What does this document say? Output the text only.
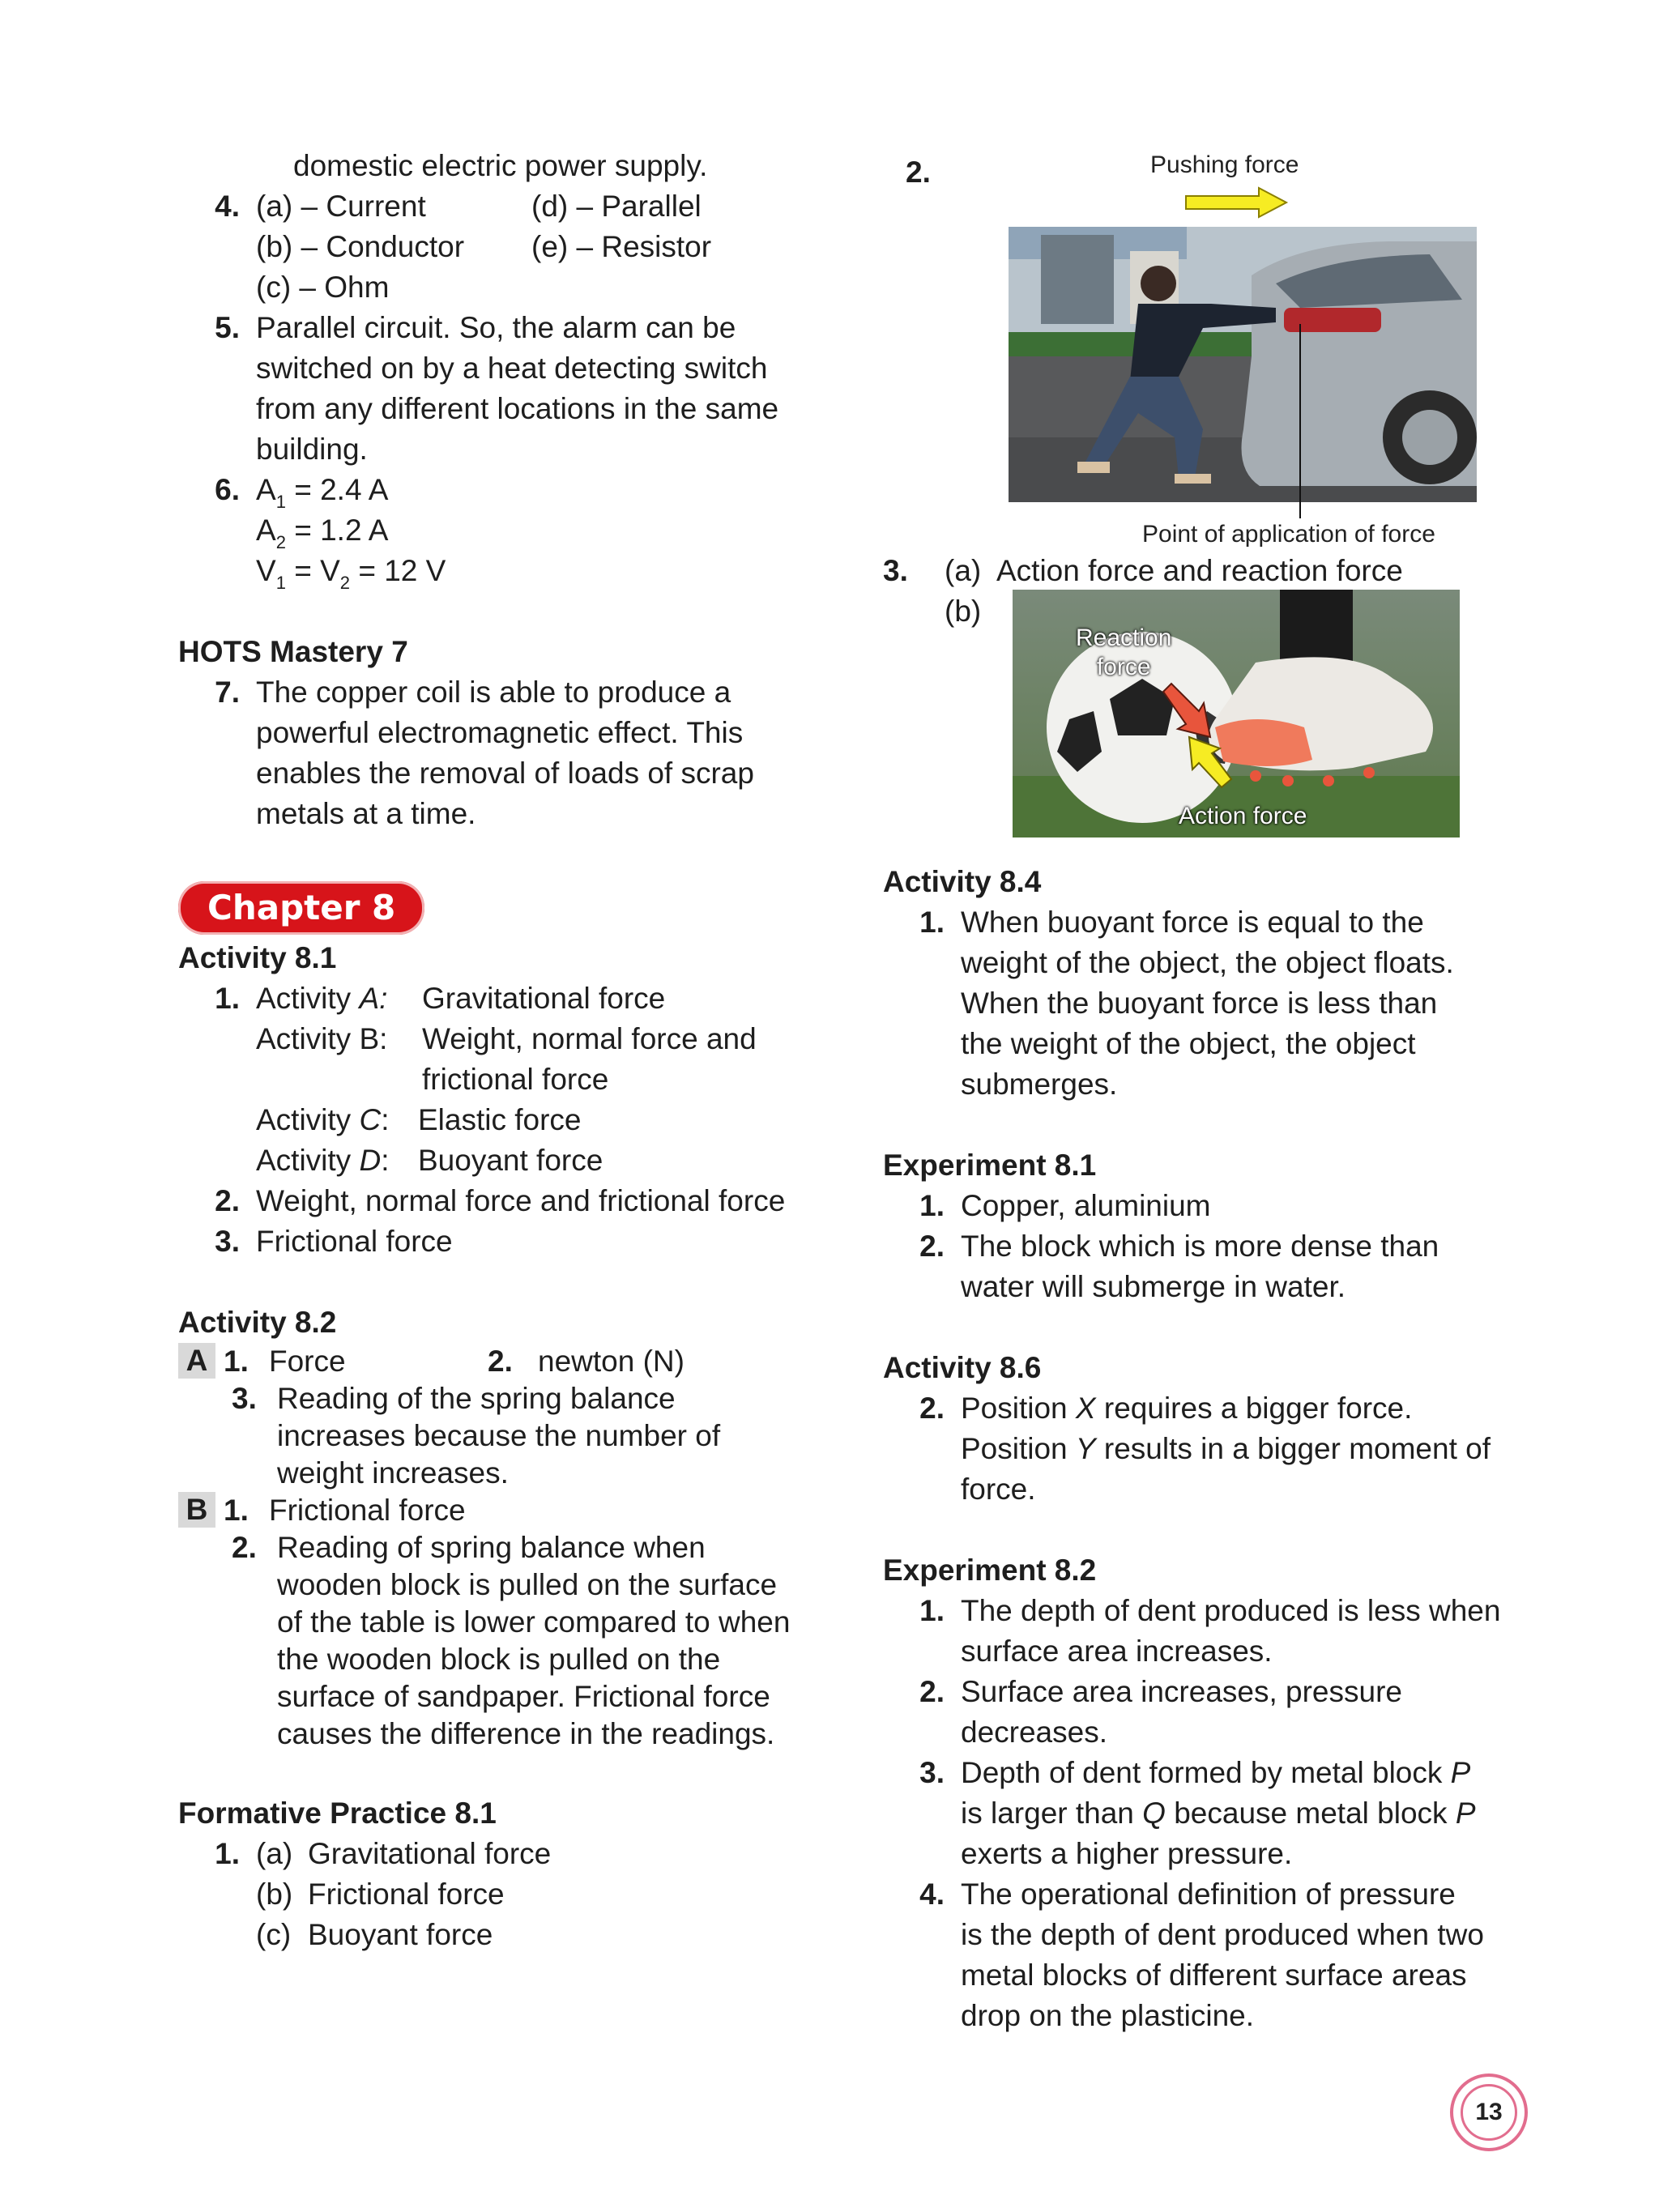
domestic electric power supply.
4. (a) – Current	(d) – Parallel
(b) – Conductor	(e) – Resistor
(c) – Ohm
5. Parallel circuit. So, the alarm can be
switched on by a heat detecting switch
from any different locations in the same
building.
6. $A_1 = 2.4$ A
$A_2 = 1.2$ A
$V_1 = V_2 = 12$ V
HOTS Mastery 7
7. The copper coil is able to produce a
powerful electromagnetic effect. This
enables the removal of loads of scrap
metals at a time.
Chapter 8
Activity 8.1
1. Activity A:	Gravitational force
Activity B:	Weight, normal force and
frictional force
Activity C: Elastic force
Activity D: Buoyant force
2. Weight, normal force and frictional force
3. Frictional force
Activity 8.2
A 1. Force	2. newton (N)
3. Reading of the spring balance
increases because the number of
weight increases.
B 1. Frictional force
2. Reading of spring balance when
wooden block is pulled on the surface
of the table is lower compared to when
the wooden block is pulled on the
surface of sandpaper. Frictional force
causes the difference in the readings.
Formative Practice 8.1
1. (a) Gravitational force
(b) Frictional force
(c) Buoyant force
2.	Pushing force
Point of application of force
3.	(a) Action force and reaction force
(b)
Reaction
force
Action force
Activity 8.4
1. When buoyant force is equal to the
weight of the object, the object floats.
When the buoyant force is less than
the weight of the object, the object
submerges.
Experiment 8.1
1. Copper, aluminium
2. The block which is more dense than
water will submerge in water.
Activity 8.6
2. Position X requires a bigger force.
Position Y results in a bigger moment of
force.
Experiment 8.2
1. The depth of dent produced is less when
surface area increases.
2. Surface area increases, pressure
decreases.
3. Depth of dent formed by metal block P
is larger than Q because metal block P
exerts a higher pressure.
4. The operational definition of pressure
is the depth of dent produced when two
metal blocks of different surface areas
drop on the plasticine.
13
